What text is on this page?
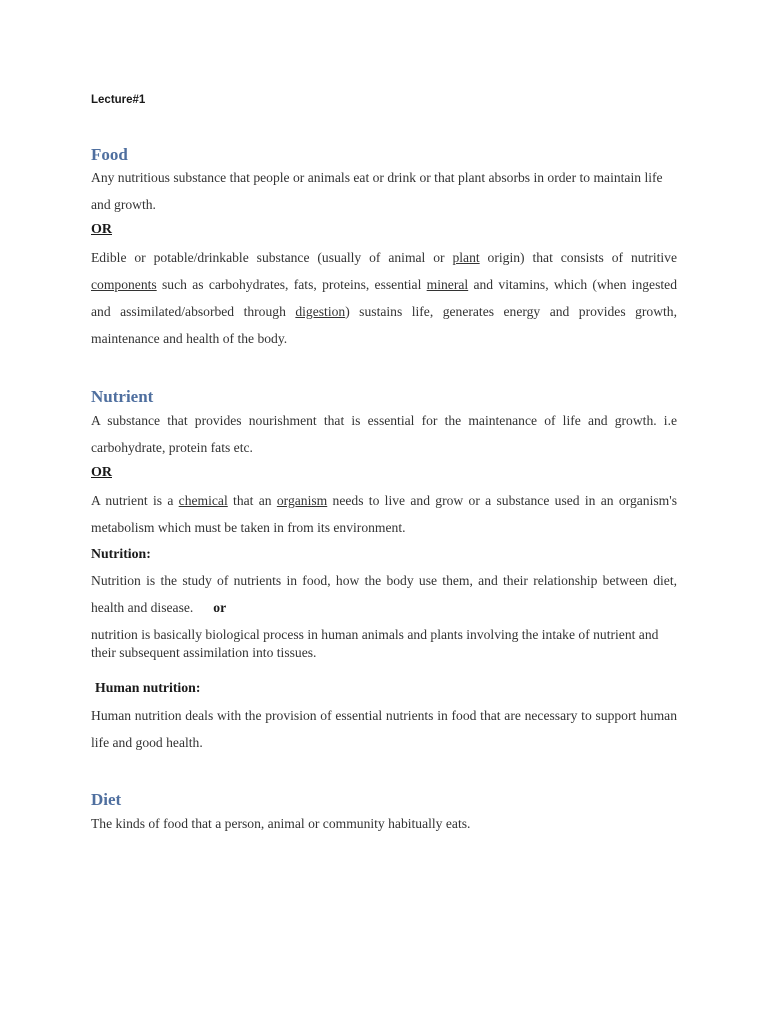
Lecture#1
Food
Any nutritious substance that people or animals eat or drink or that plant absorbs in order to maintain life and growth.
OR
Edible or potable/drinkable substance (usually of animal or plant origin) that consists of nutritive components such as carbohydrates, fats, proteins, essential mineral and vitamins, which (when ingested and assimilated/absorbed through digestion) sustains life, generates energy and provides growth, maintenance and health of the body.
Nutrient
A substance that provides nourishment that is essential for the maintenance of life and growth. i.e carbohydrate, protein fats etc.
OR
A nutrient is a chemical that an organism needs to live and grow or a substance used in an organism's metabolism which must be taken in from its environment.
Nutrition:
Nutrition is the study of nutrients in food, how the body use them, and their relationship between diet, health and disease. or
nutrition is basically biological process in human animals and plants involving the intake of nutrient and their subsequent assimilation into tissues.
Human nutrition:
Human nutrition deals with the provision of essential nutrients in food that are necessary to support human life and good health.
Diet
The kinds of food that a person, animal or community habitually eats.
